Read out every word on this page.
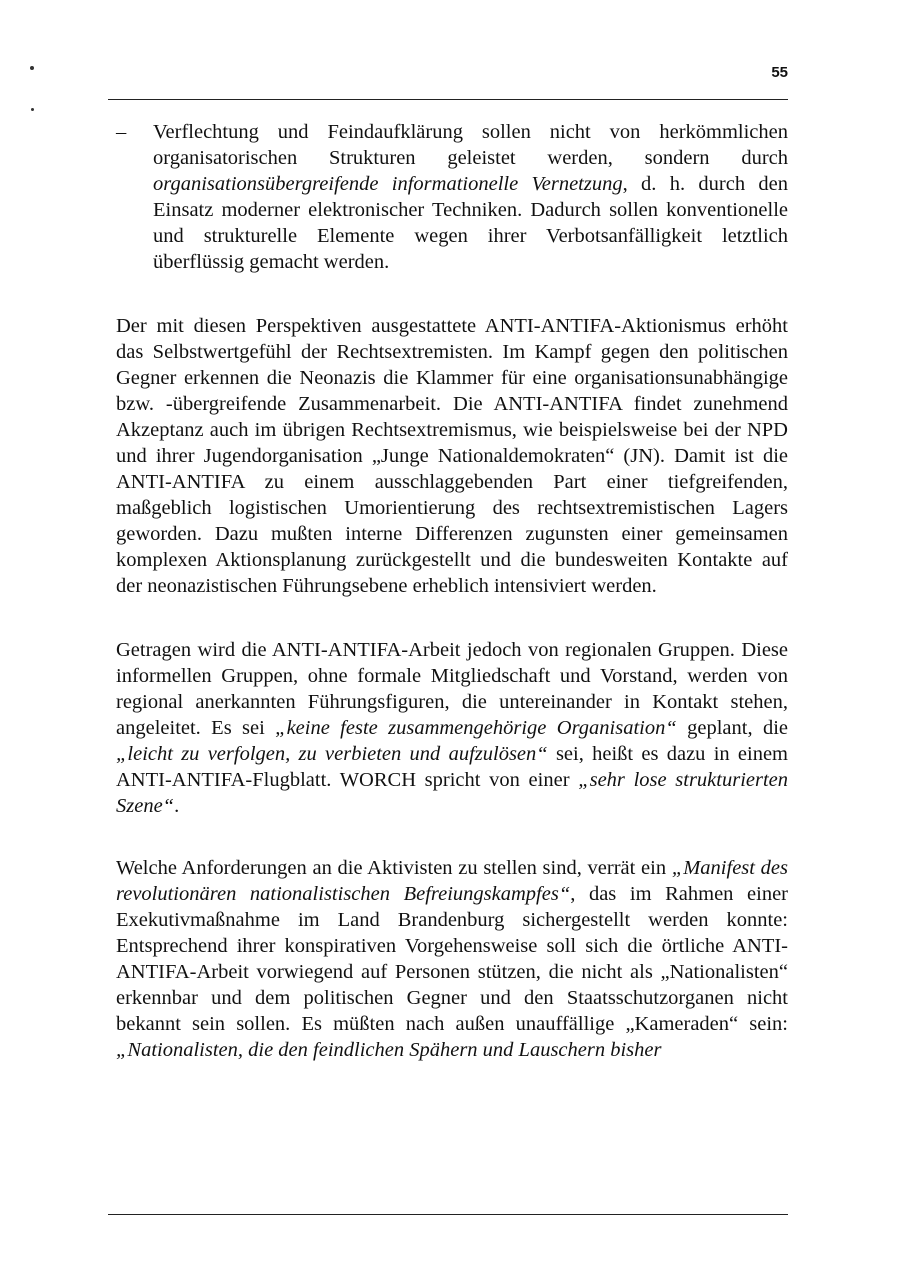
55
– Verflechtung und Feindaufklärung sollen nicht von herkömmlichen organisatorischen Strukturen geleistet werden, sondern durch organisationsübergreifende informationelle Vernetzung, d. h. durch den Einsatz moderner elektronischer Techniken. Dadurch sollen konventionelle und strukturelle Elemente wegen ihrer Verbotsanfälligkeit letztlich überflüssig gemacht werden.

Der mit diesen Perspektiven ausgestattete ANTI-ANTIFA-Aktionismus erhöht das Selbstwertgefühl der Rechtsextremisten. Im Kampf gegen den politischen Gegner erkennen die Neonazis die Klammer für eine organisationsunabhängige bzw. -übergreifende Zusammenarbeit. Die ANTI-ANTIFA findet zunehmend Akzeptanz auch im übrigen Rechtsextremismus, wie beispielsweise bei der NPD und ihrer Jugendorganisation „Junge Nationaldemokraten“ (JN). Damit ist die ANTI-ANTIFA zu einem ausschlaggebenden Part einer tiefgreifenden, maßgeblich logistischen Umorientierung des rechtsextremistischen Lagers geworden. Dazu mußten interne Differenzen zugunsten einer gemeinsamen komplexen Aktionsplanung zurückgestellt und die bundesweiten Kontakte auf der neonazistischen Führungsebene erheblich intensiviert werden.

Getragen wird die ANTI-ANTIFA-Arbeit jedoch von regionalen Gruppen. Diese informellen Gruppen, ohne formale Mitgliedschaft und Vorstand, werden von regional anerkannten Führungsfiguren, die untereinander in Kontakt stehen, angeleitet. Es sei „keine feste zusammengehörige Organisation“ geplant, die „leicht zu verfolgen, zu verbieten und aufzulösen“ sei, heißt es dazu in einem ANTI-ANTIFA-Flugblatt. WORCH spricht von einer „sehr lose strukturierten Szene“.

Welche Anforderungen an die Aktivisten zu stellen sind, verrät ein „Manifest des revolutionären nationalistischen Befreiungskampfes“, das im Rahmen einer Exekutivmaßnahme im Land Brandenburg sichergestellt werden konnte: Entsprechend ihrer konspirativen Vorgehensweise soll sich die örtliche ANTI-ANTIFA-Arbeit vorwiegend auf Personen stützen, die nicht als „Nationalisten“ erkennbar und dem politischen Gegner und den Staatsschutzorganen nicht bekannt sein sollen. Es müßten nach außen unauffällige „Kameraden“ sein: „Nationalisten, die den feindlichen Spähern und Lauschern bisher
